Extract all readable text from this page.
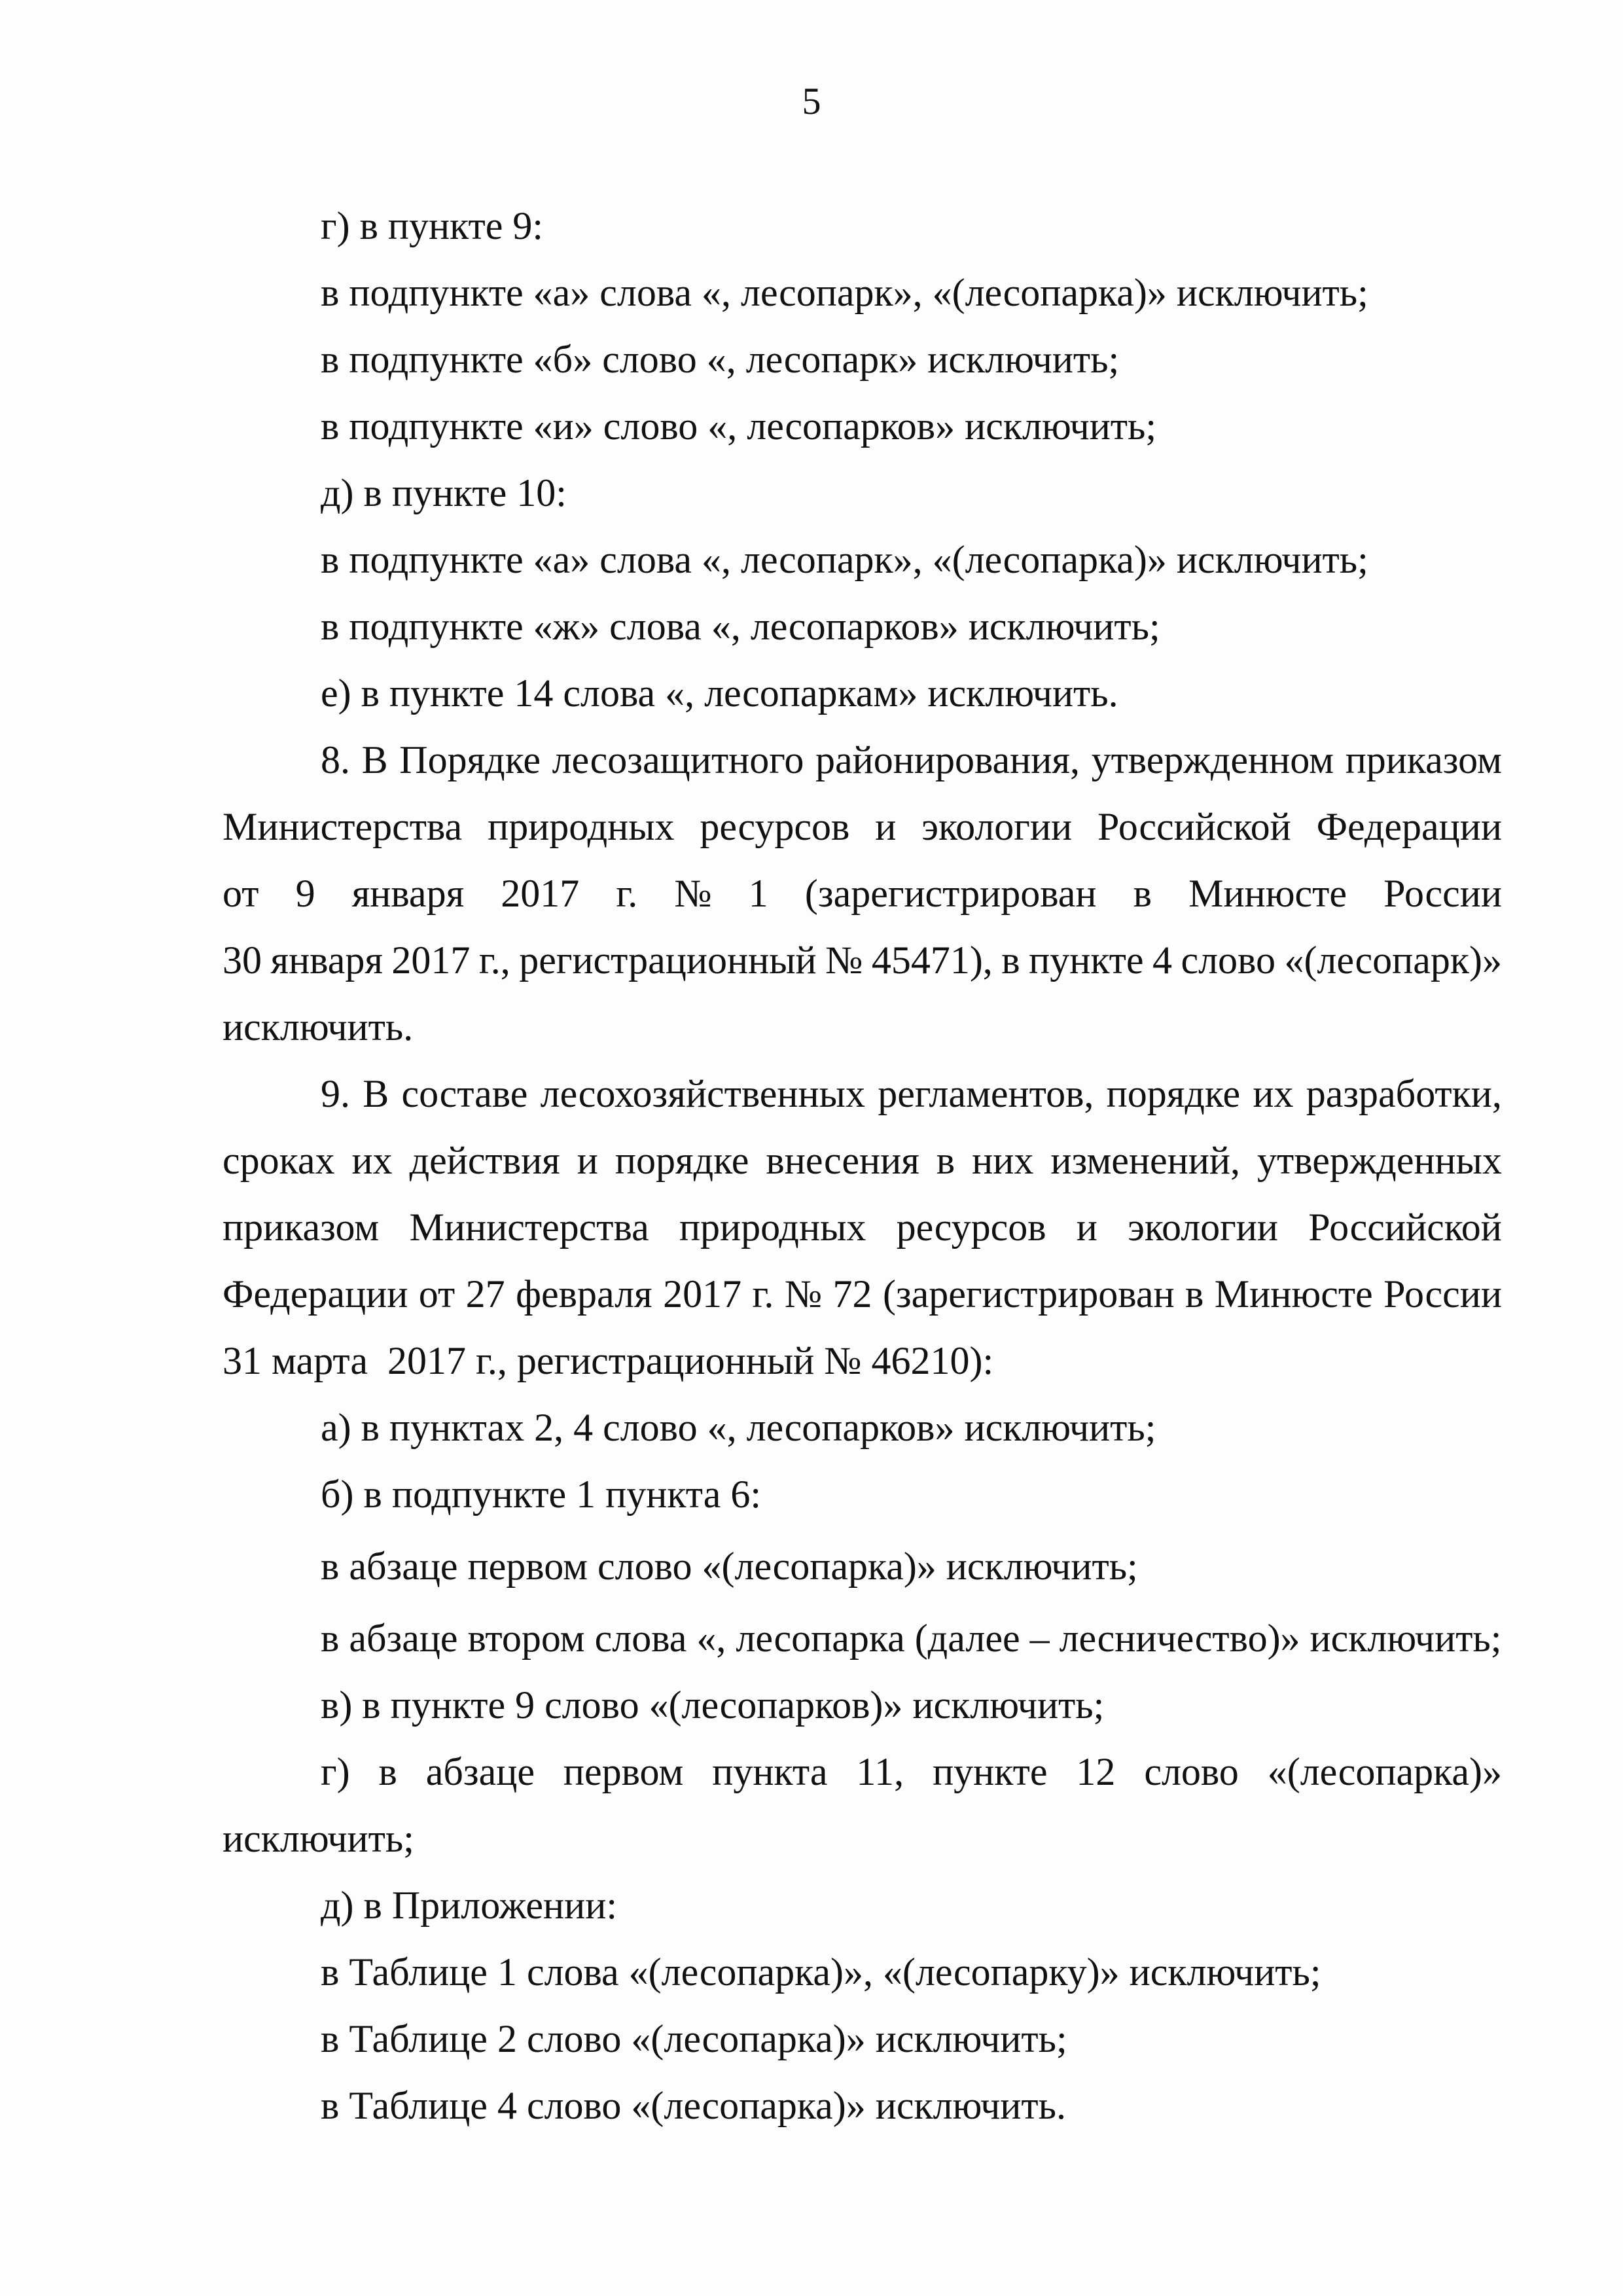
5
г) в пункте 9:
в подпункте «а» слова «, лесопарк», «(лесопарка)» исключить;
в подпункте «б» слово «, лесопарк» исключить;
в подпункте «и» слово «, лесопарков» исключить;
д) в пункте 10:
в подпункте «а» слова «, лесопарк», «(лесопарка)» исключить;
в подпункте «ж» слова «, лесопарков» исключить;
е) в пункте 14 слова «, лесопаркам» исключить.
8. В Порядке лесозащитного районирования, утвержденном приказом
Министерства природных ресурсов и экологии Российской Федерации
от 9 января 2017 г. № 1 (зарегистрирован в Минюсте России
30 января 2017 г., регистрационный № 45471), в пункте 4 слово «(лесопарк)»
исключить.
9. В составе лесохозяйственных регламентов, порядке их разработки,
сроках их действия и порядке внесения в них изменений, утвержденных
приказом Министерства природных ресурсов и экологии Российской
Федерации от 27 февраля 2017 г. № 72 (зарегистрирован в Минюсте России
31 марта  2017 г., регистрационный № 46210):
а) в пунктах 2, 4 слово «, лесопарков» исключить;
б) в подпункте 1 пункта 6:
в абзаце первом слово «(лесопарка)» исключить;
в абзаце втором слова «, лесопарка (далее – лесничество)» исключить;
в) в пункте 9 слово «(лесопарков)» исключить;
г) в абзаце первом пункта 11, пункте 12 слово «(лесопарка)»
исключить;
д) в Приложении:
в Таблице 1 слова «(лесопарка)», «(лесопарку)» исключить;
в Таблице 2 слово «(лесопарка)» исключить;
в Таблице 4 слово «(лесопарка)» исключить.
